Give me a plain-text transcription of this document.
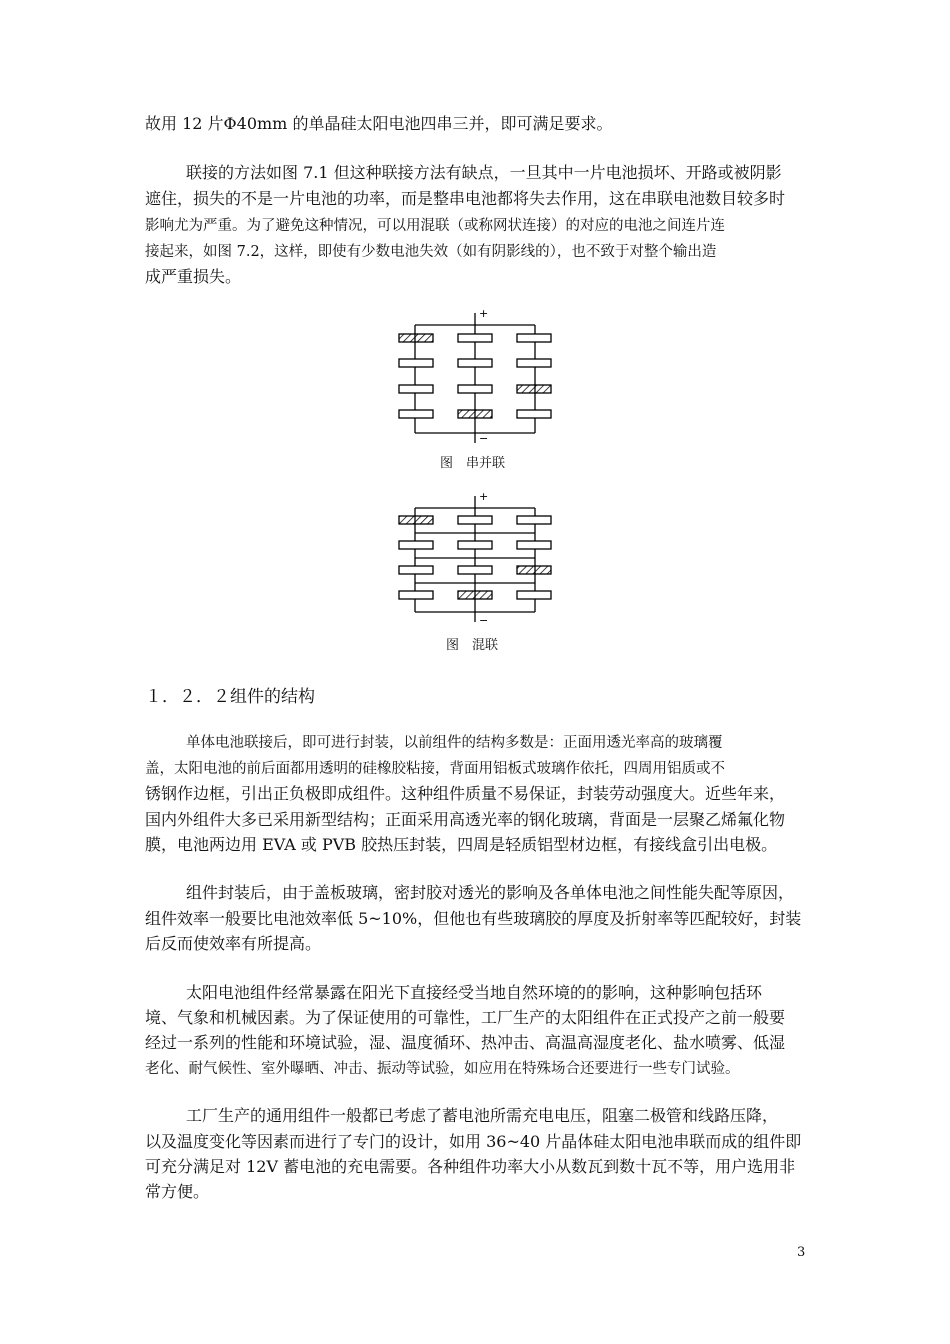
故用 12 片Φ40mm 的单晶硅太阳电池四串三并，即可满足要求。
联接的方法如图 7.1 但这种联接方法有缺点，一旦其中一片电池损坏、开路或被阴影
遮住，损失的不是一片电池的功率，而是整串电池都将失去作用，这在串联电池数目较多时
影响尤为严重。为了避免这种情况，可以用混联（或称网状连接）的对应的电池之间连片连
接起来，如图 7.2，这样，即使有少数电池失效（如有阴影线的），也不致于对整个输出造
成严重损失。
+
−
图　串并联
+
−
图　混联
１．２．２组件的结构
单体电池联接后，即可进行封装，以前组件的结构多数是：正面用透光率高的玻璃覆
盖，太阳电池的前后面都用透明的硅橡胶粘接，背面用铝板式玻璃作依托，四周用铝质或不
锈钢作边框，引出正负极即成组件。这种组件质量不易保证，封装劳动强度大。近些年来，
国内外组件大多已采用新型结构；正面采用高透光率的钢化玻璃，背面是一层聚乙烯氟化物
膜，电池两边用 EVA 或 PVB 胶热压封装，四周是轻质铝型材边框，有接线盒引出电极。
组件封装后，由于盖板玻璃，密封胶对透光的影响及各单体电池之间性能失配等原因，
组件效率一般要比电池效率低 5~10%，但他也有些玻璃胶的厚度及折射率等匹配较好，封装
后反而使效率有所提高。
太阳电池组件经常暴露在阳光下直接经受当地自然环境的的影响，这种影响包括环
境、气象和机械因素。为了保证使用的可靠性，工厂生产的太阳组件在正式投产之前一般要
经过一系列的性能和环境试验，湿、温度循环、热冲击、高温高湿度老化、盐水喷雾、低湿
老化、耐气候性、室外曝晒、冲击、振动等试验，如应用在特殊场合还要进行一些专门试验。
工厂生产的通用组件一般都已考虑了蓄电池所需充电电压，阻塞二极管和线路压降，
以及温度变化等因素而进行了专门的设计，如用 36~40 片晶体硅太阳电池串联而成的组件即
可充分满足对 12V 蓄电池的充电需要。各种组件功率大小从数瓦到数十瓦不等，用户选用非
常方便。
3
